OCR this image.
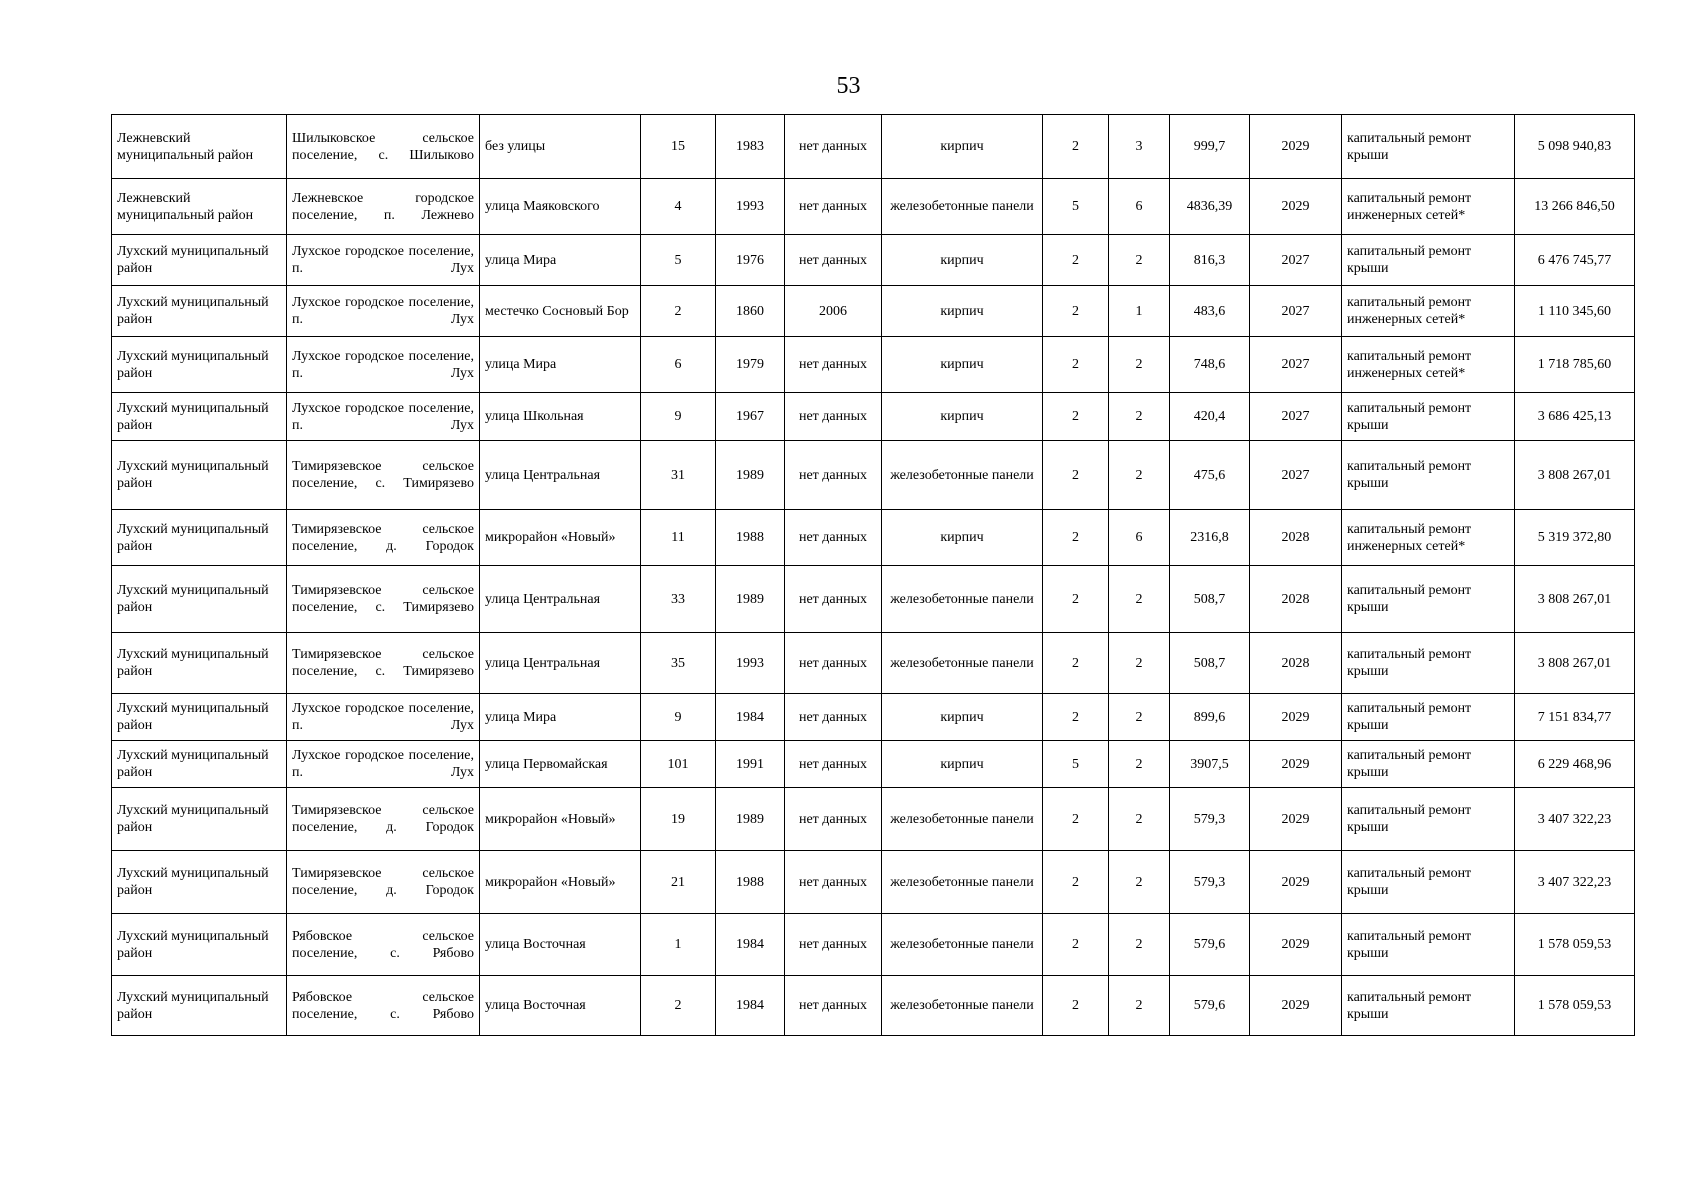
53
Лежневский муниципальный район	Шилыковское сельское поселение, с. Шилыково	без улицы	15	1983	нет данных	кирпич	2	3	999,7	2029	капитальный ремонт крыши	5 098 940,83
Лежневский муниципальный район	Лежневское городское поселение, п. Лежнево	улица Маяковского	4	1993	нет данных	железобетонные панели	5	6	4836,39	2029	капитальный ремонт инженерных сетей*	13 266 846,50
Лухский муниципальный район	Лухское городское поселение, п. Лух	улица Мира	5	1976	нет данных	кирпич	2	2	816,3	2027	капитальный ремонт крыши	6 476 745,77
Лухский муниципальный район	Лухское городское поселение, п. Лух	местечко Сосновый Бор	2	1860	2006	кирпич	2	1	483,6	2027	капитальный ремонт инженерных сетей*	1 110 345,60
Лухский муниципальный район	Лухское городское поселение, п. Лух	улица Мира	6	1979	нет данных	кирпич	2	2	748,6	2027	капитальный ремонт инженерных сетей*	1 718 785,60
Лухский муниципальный район	Лухское городское поселение, п. Лух	улица Школьная	9	1967	нет данных	кирпич	2	2	420,4	2027	капитальный ремонт крыши	3 686 425,13
Лухский муниципальный район	Тимирязевское сельское поселение, с. Тимирязево	улица Центральная	31	1989	нет данных	железобетонные панели	2	2	475,6	2027	капитальный ремонт крыши	3 808 267,01
Лухский муниципальный район	Тимирязевское сельское поселение, д. Городок	микрорайон «Новый»	11	1988	нет данных	кирпич	2	6	2316,8	2028	капитальный ремонт инженерных сетей*	5 319 372,80
Лухский муниципальный район	Тимирязевское сельское поселение, с. Тимирязево	улица Центральная	33	1989	нет данных	железобетонные панели	2	2	508,7	2028	капитальный ремонт крыши	3 808 267,01
Лухский муниципальный район	Тимирязевское сельское поселение, с. Тимирязево	улица Центральная	35	1993	нет данных	железобетонные панели	2	2	508,7	2028	капитальный ремонт крыши	3 808 267,01
Лухский муниципальный район	Лухское городское поселение, п. Лух	улица Мира	9	1984	нет данных	кирпич	2	2	899,6	2029	капитальный ремонт крыши	7 151 834,77
Лухский муниципальный район	Лухское городское поселение, п. Лух	улица Первомайская	101	1991	нет данных	кирпич	5	2	3907,5	2029	капитальный ремонт крыши	6 229 468,96
Лухский муниципальный район	Тимирязевское сельское поселение, д. Городок	микрорайон «Новый»	19	1989	нет данных	железобетонные панели	2	2	579,3	2029	капитальный ремонт крыши	3 407 322,23
Лухский муниципальный район	Тимирязевское сельское поселение, д. Городок	микрорайон «Новый»	21	1988	нет данных	железобетонные панели	2	2	579,3	2029	капитальный ремонт крыши	3 407 322,23
Лухский муниципальный район	Рябовское сельское поселение, с. Рябово	улица Восточная	1	1984	нет данных	железобетонные панели	2	2	579,6	2029	капитальный ремонт крыши	1 578 059,53
Лухский муниципальный район	Рябовское сельское поселение, с. Рябово	улица Восточная	2	1984	нет данных	железобетонные панели	2	2	579,6	2029	капитальный ремонт крыши	1 578 059,53
